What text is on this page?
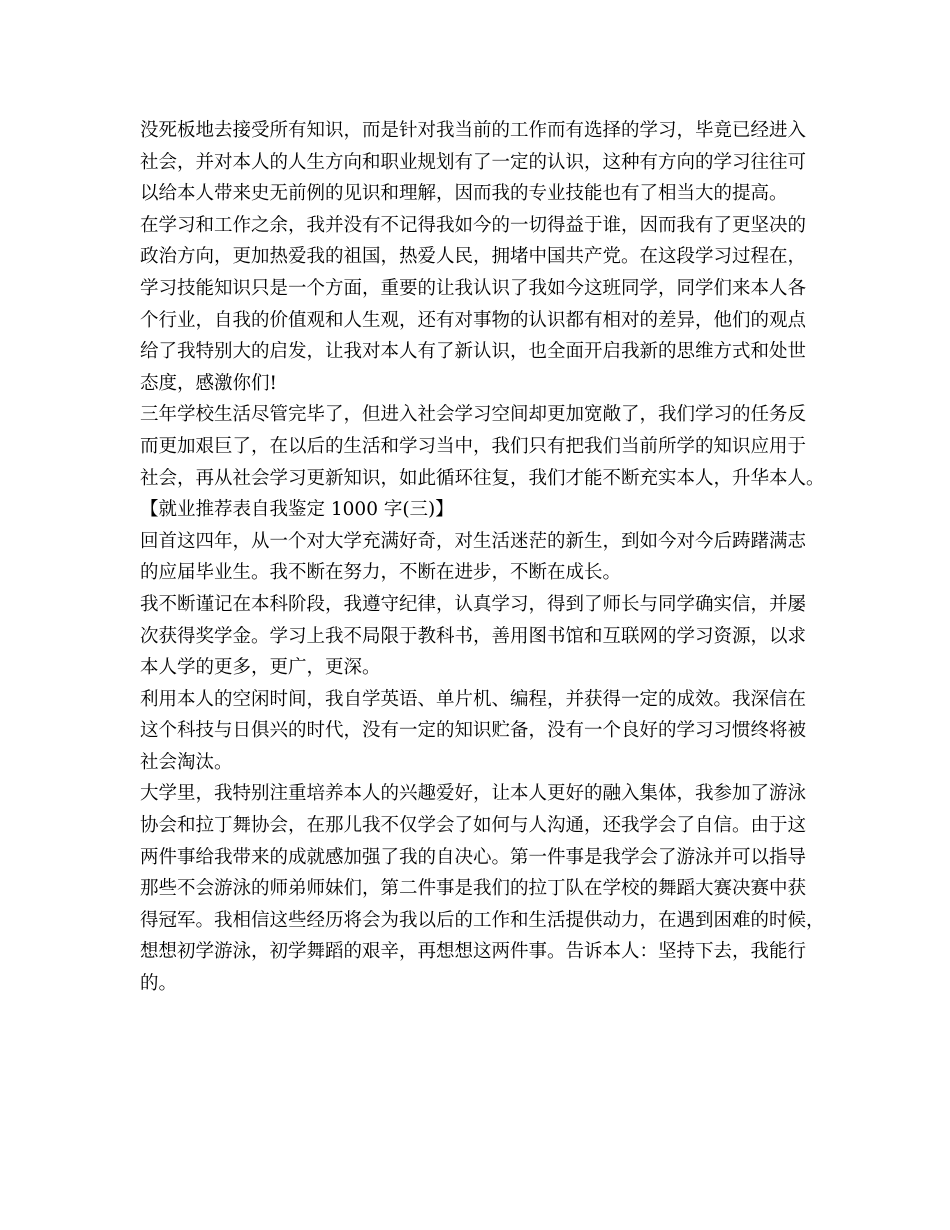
没死板地去接受所有知识，而是针对我当前的工作而有选择的学习，毕竟已经进入
社会，并对本人的人生方向和职业规划有了一定的认识，这种有方向的学习往往可
以给本人带来史无前例的见识和理解，因而我的专业技能也有了相当大的提高。
在学习和工作之余，我并没有不记得我如今的一切得益于谁，因而我有了更坚决的
政治方向，更加热爱我的祖国，热爱人民，拥堵中国共产党。在这段学习过程在，
学习技能知识只是一个方面，重要的让我认识了我如今这班同学，同学们来本人各
个行业，自我的价值观和人生观，还有对事物的认识都有相对的差异，他们的观点
给了我特别大的启发，让我对本人有了新认识，也全面开启我新的思维方式和处世
态度，感激你们!
三年学校生活尽管完毕了，但进入社会学习空间却更加宽敞了，我们学习的任务反
而更加艰巨了，在以后的生活和学习当中，我们只有把我们当前所学的知识应用于
社会，再从社会学习更新知识，如此循环往复，我们才能不断充实本人，升华本人。
【就业推荐表自我鉴定 1000 字(三)】
回首这四年，从一个对大学充满好奇，对生活迷茫的新生，到如今对今后踌躇满志
的应届毕业生。我不断在努力，不断在进步，不断在成长。
我不断谨记在本科阶段，我遵守纪律，认真学习，得到了师长与同学确实信，并屡
次获得奖学金。学习上我不局限于教科书，善用图书馆和互联网的学习资源，以求
本人学的更多，更广，更深。
利用本人的空闲时间，我自学英语、单片机、编程，并获得一定的成效。我深信在
这个科技与日俱兴的时代，没有一定的知识贮备，没有一个良好的学习习惯终将被
社会淘汰。
大学里，我特别注重培养本人的兴趣爱好，让本人更好的融入集体，我参加了游泳
协会和拉丁舞协会，在那儿我不仅学会了如何与人沟通，还我学会了自信。由于这
两件事给我带来的成就感加强了我的自决心。第一件事是我学会了游泳并可以指导
那些不会游泳的师弟师妹们，第二件事是我们的拉丁队在学校的舞蹈大赛决赛中获
得冠军。我相信这些经历将会为我以后的工作和生活提供动力，在遇到困难的时候，
想想初学游泳，初学舞蹈的艰辛，再想想这两件事。告诉本人：坚持下去，我能行
的。
